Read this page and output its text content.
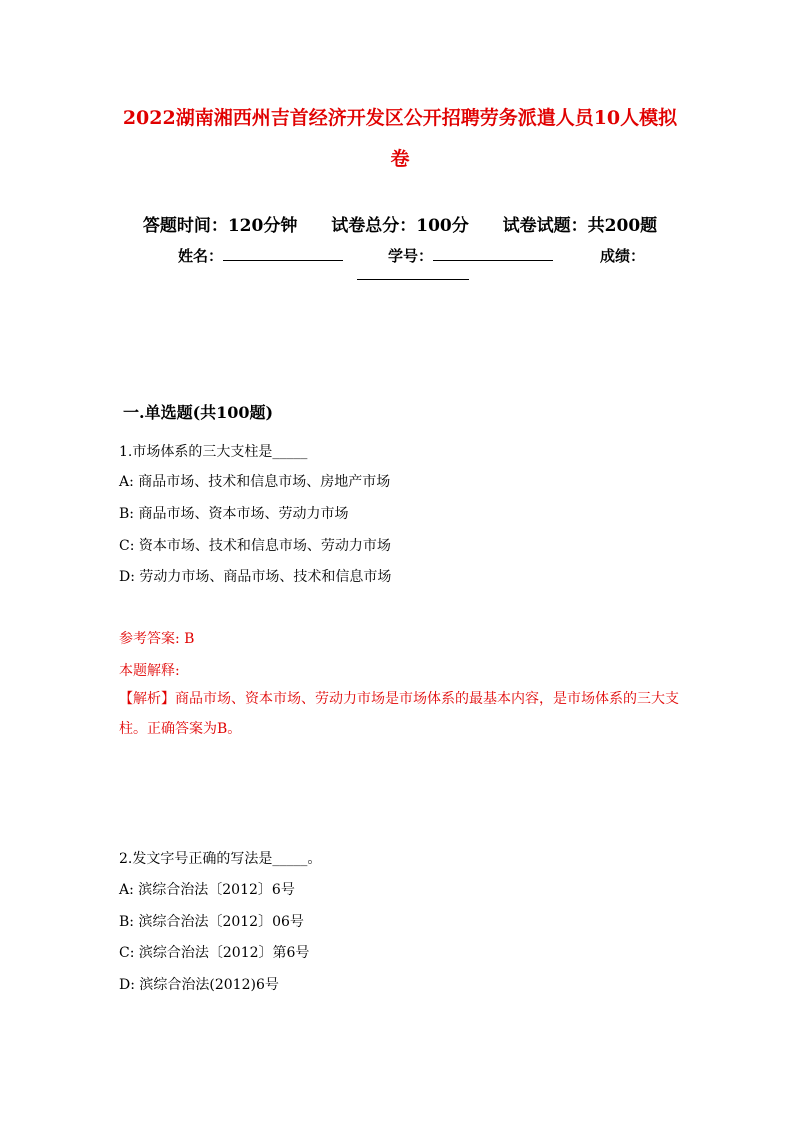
2022湖南湘西州吉首经济开发区公开招聘劳务派遣人员10人模拟
卷
答题时间：120分钟 试卷总分：100分 试卷试题：共200题
姓名：	学号：	成绩：
一.单选题(共100题)
1.市场体系的三大支柱是_____
A: 商品市场、技术和信息市场、房地产市场
B: 商品市场、资本市场、劳动力市场
C: 资本市场、技术和信息市场、劳动力市场
D: 劳动力市场、商品市场、技术和信息市场
参考答案: B
本题解释:
【解析】商品市场、资本市场、劳动力市场是市场体系的最基本内容，是市场体系的三大支柱。正确答案为B。
2.发文字号正确的写法是_____。
A: 滨综合治法〔2012〕6号
B: 滨综合治法〔2012〕06号
C: 滨综合治法〔2012〕第6号
D: 滨综合治法(2012)6号
